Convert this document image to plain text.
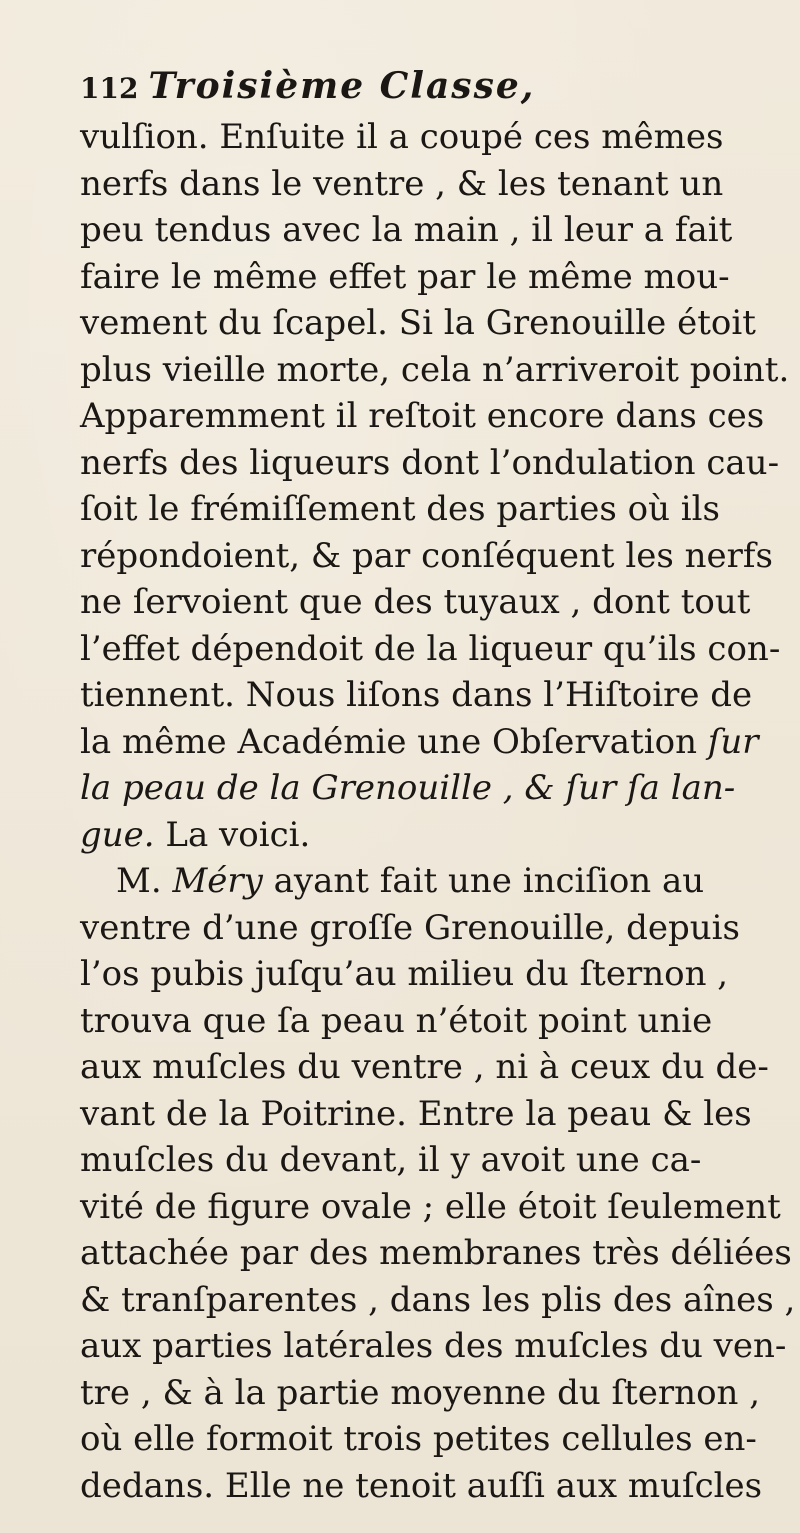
112 Troisième Classe,
vulſion. Enſuite il a coupé ces mêmes
nerfs dans le ventre , & les tenant un
peu tendus avec la main , il leur a fait
faire le même effet par le même mou-
vement du ſcapel. Si la Grenouille étoit
plus vieille morte, cela n’arriveroit point.
Apparemment il reſtoit encore dans ces
nerfs des liqueurs dont l’ondulation cau-
ſoit le frémiſſement des parties où ils
répondoient, & par conſéquent les nerfs
ne ſervoient que des tuyaux , dont tout
l’effet dépendoit de la liqueur qu’ils con-
tiennent. Nous liſons dans l’Hiſtoire de
la même Académie une Obſervation ſur
la peau de la Grenouille , & ſur ſa lan-
gue. La voici.
M. Méry ayant fait une inciſion au
ventre d’une groſſe Grenouille, depuis
l’os pubis juſqu’au milieu du ſternon ,
trouva que ſa peau n’étoit point unie
aux muſcles du ventre , ni à ceux du de-
vant de la Poitrine. Entre la peau & les
muſcles du devant, il y avoit une ca-
vité de figure ovale ; elle étoit ſeulement
attachée par des membranes très déliées
& tranſparentes , dans les plis des aînes ,
aux parties latérales des muſcles du ven-
tre , & à la partie moyenne du ſternon ,
où elle formoit trois petites cellules en-
dedans. Elle ne tenoit auſſi aux muſcles
